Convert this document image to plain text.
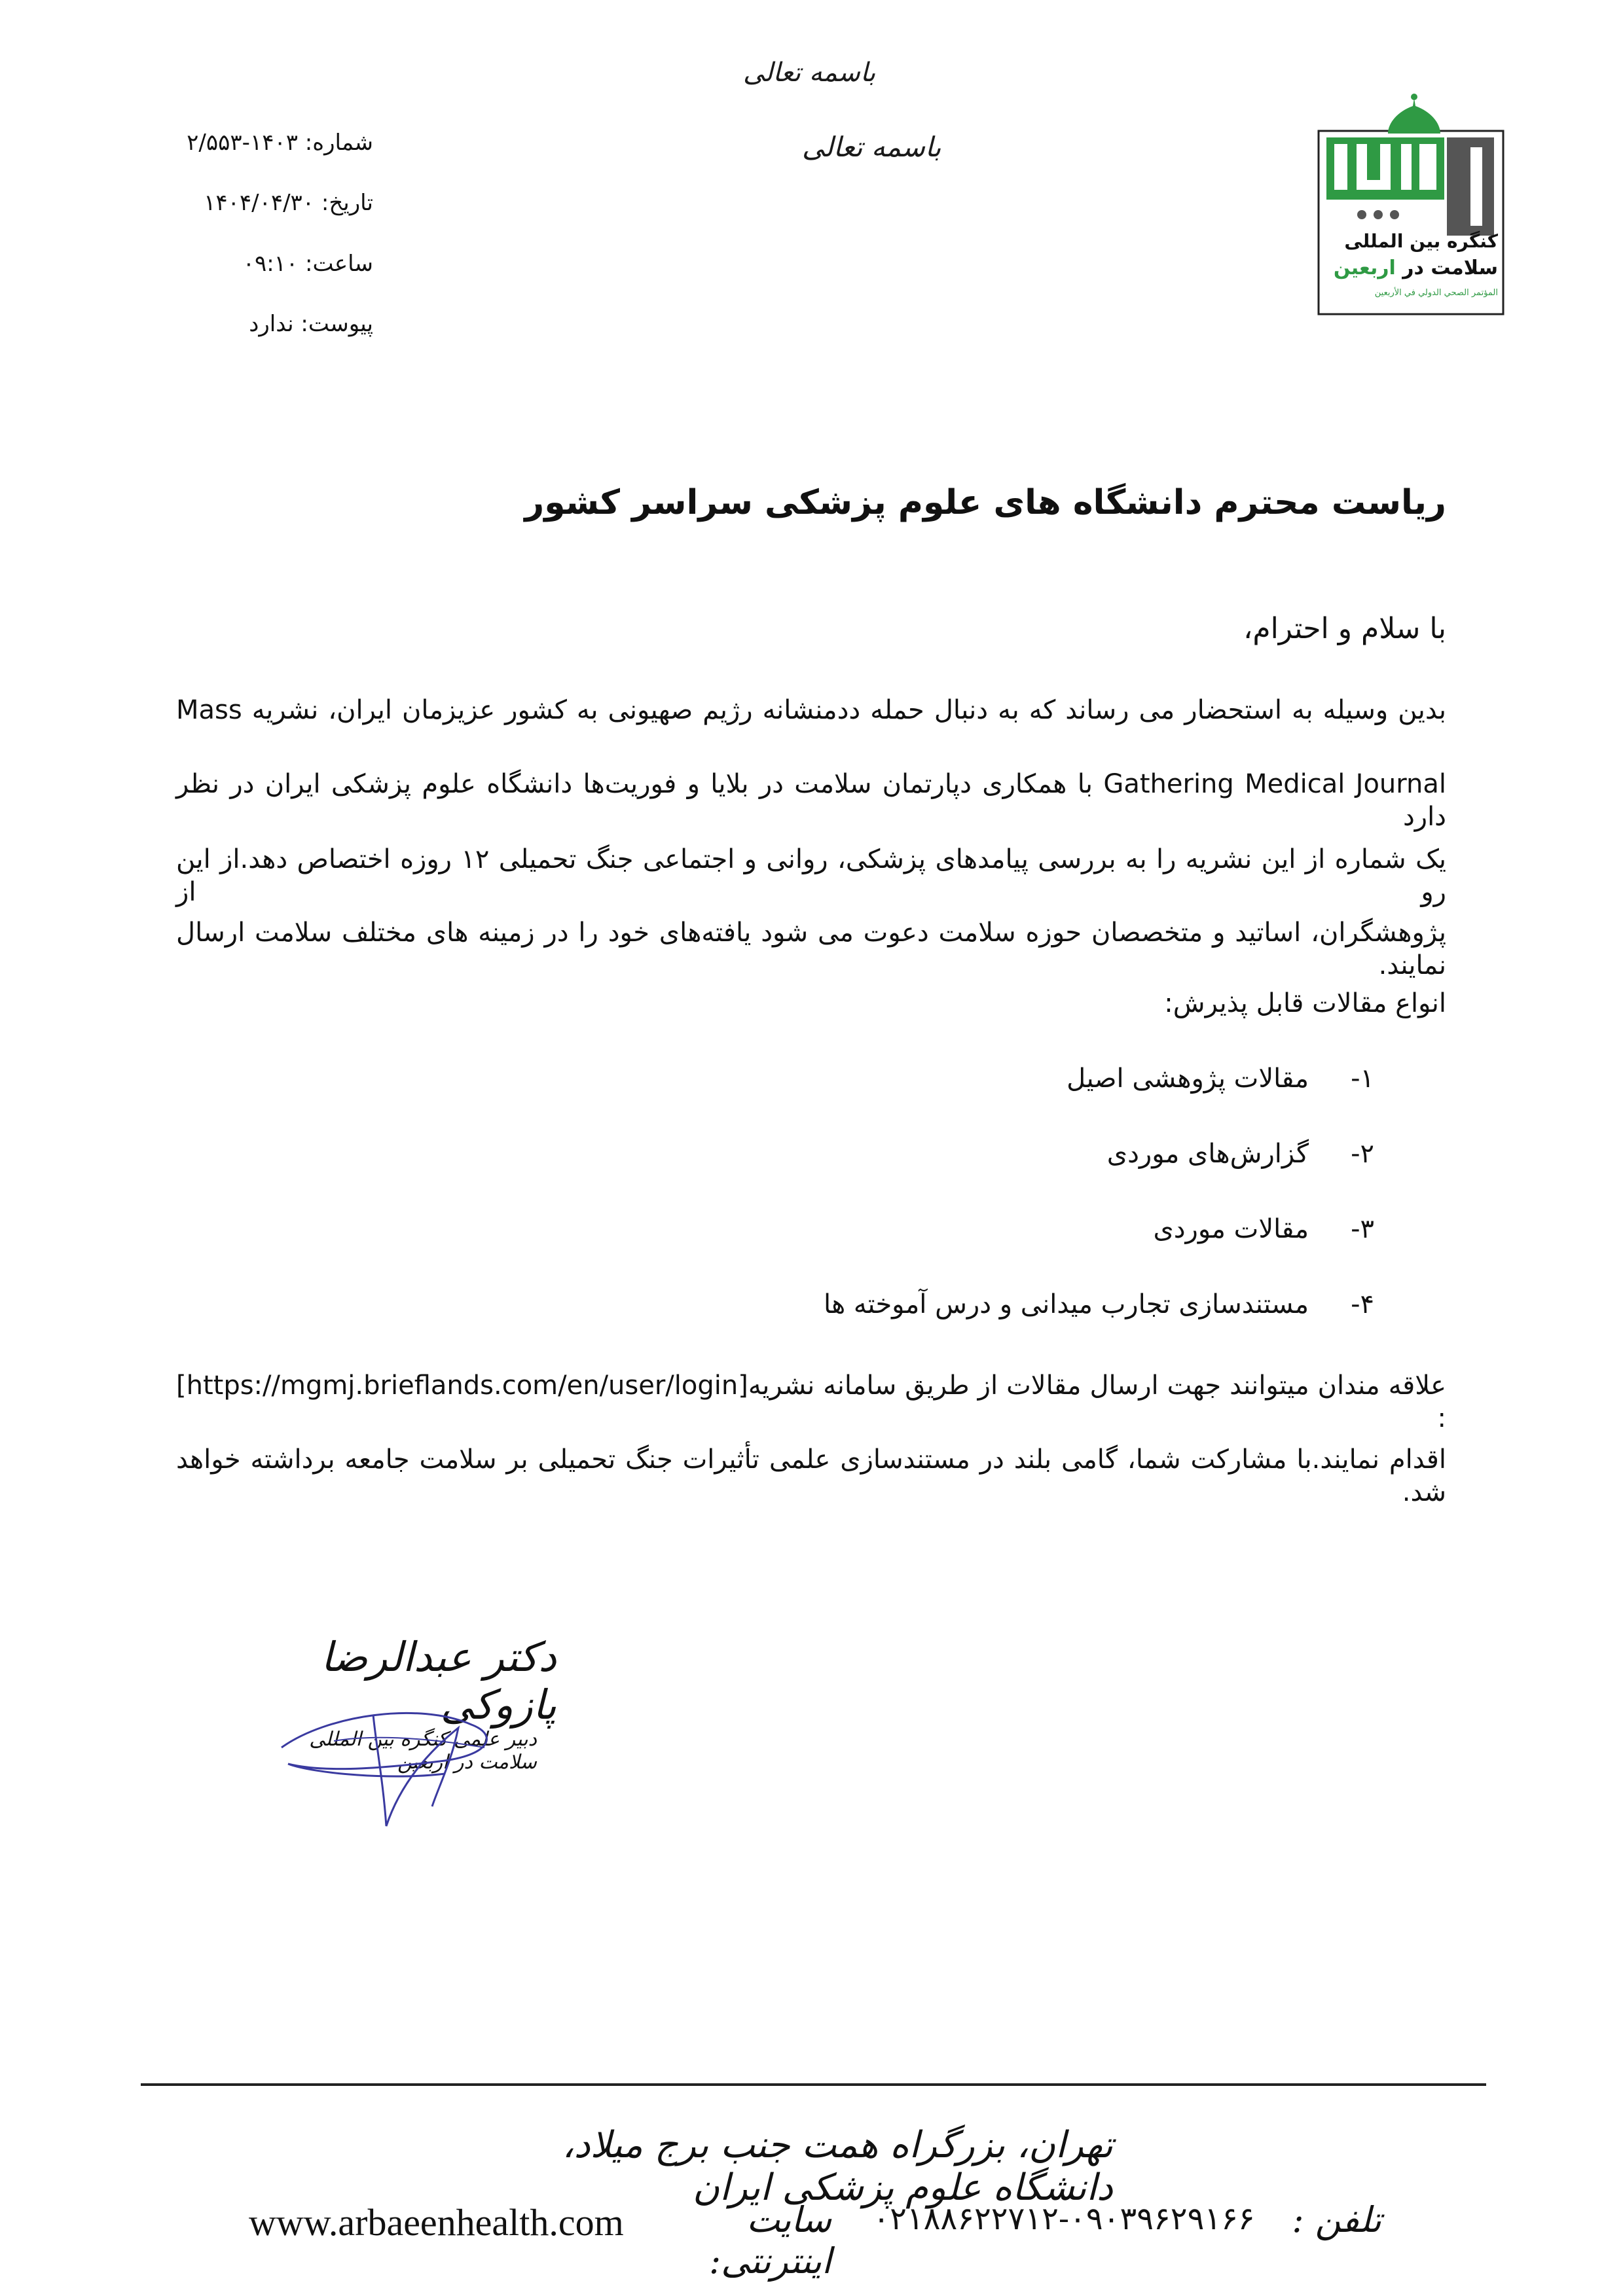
باسمه تعالی
باسمه تعالی
شماره: ۱۴۰۳-۲/۵۵۳
تاریخ: ۱۴۰۴/۰۴/۳۰
ساعت: ۰۹:۱۰
پیوست: ندارد
کنگره بین المللی
سلامت در اربعین
المؤتمر الصحي الدولي في الأربعين
ریاست محترم دانشگاه های علوم پزشکی سراسر کشور
با سلام و احترام،
بدین وسیله به استحضار می رساند که به دنبال حمله ددمنشانه رژیم صهیونی به کشور عزیزمان ایران، نشریه Mass
Gathering Medical Journal با همکاری دپارتمان سلامت در بلایا و فوریت‌ها دانشگاه علوم پزشکی ایران در نظر دارد
یک شماره از این نشریه را به بررسی پیامدهای پزشکی، روانی و اجتماعی جنگ تحمیلی ۱۲ روزه اختصاص دهد.از این رو از
پژوهشگران، اساتید و متخصصان حوزه سلامت دعوت می شود یافته‌های خود را در زمینه های مختلف سلامت ارسال نمایند.
انواع مقالات قابل پذیرش:
۱-مقالات پژوهشی اصیل
۲-گزارش‌های موردی
۳-مقالات موردی
۴-مستندسازی تجارب میدانی و درس آموخته ها
علاقه مندان میتوانند جهت ارسال مقالات از طریق سامانه نشریه[https://mgmj.brieflands.com/en/user/login] :
اقدام نمایند.با مشارکت شما، گامی بلند در مستندسازی علمی تأثیرات جنگ تحمیلی بر سلامت جامعه برداشته خواهد شد.
دکتر عبدالرضا پازوکی
دبیر علمی کنگره بین المللی سلامت در اربعین
تهران، بزرگراه همت جنب برج میلاد، دانشگاه علوم پزشکی ایران
تلفن :
۰۲۱۸۸۶۲۲۷۱۲-۰۹۰۳۹۶۲۹۱۶۶
سایت اینترنتی:
www.arbaeenhealth.com
